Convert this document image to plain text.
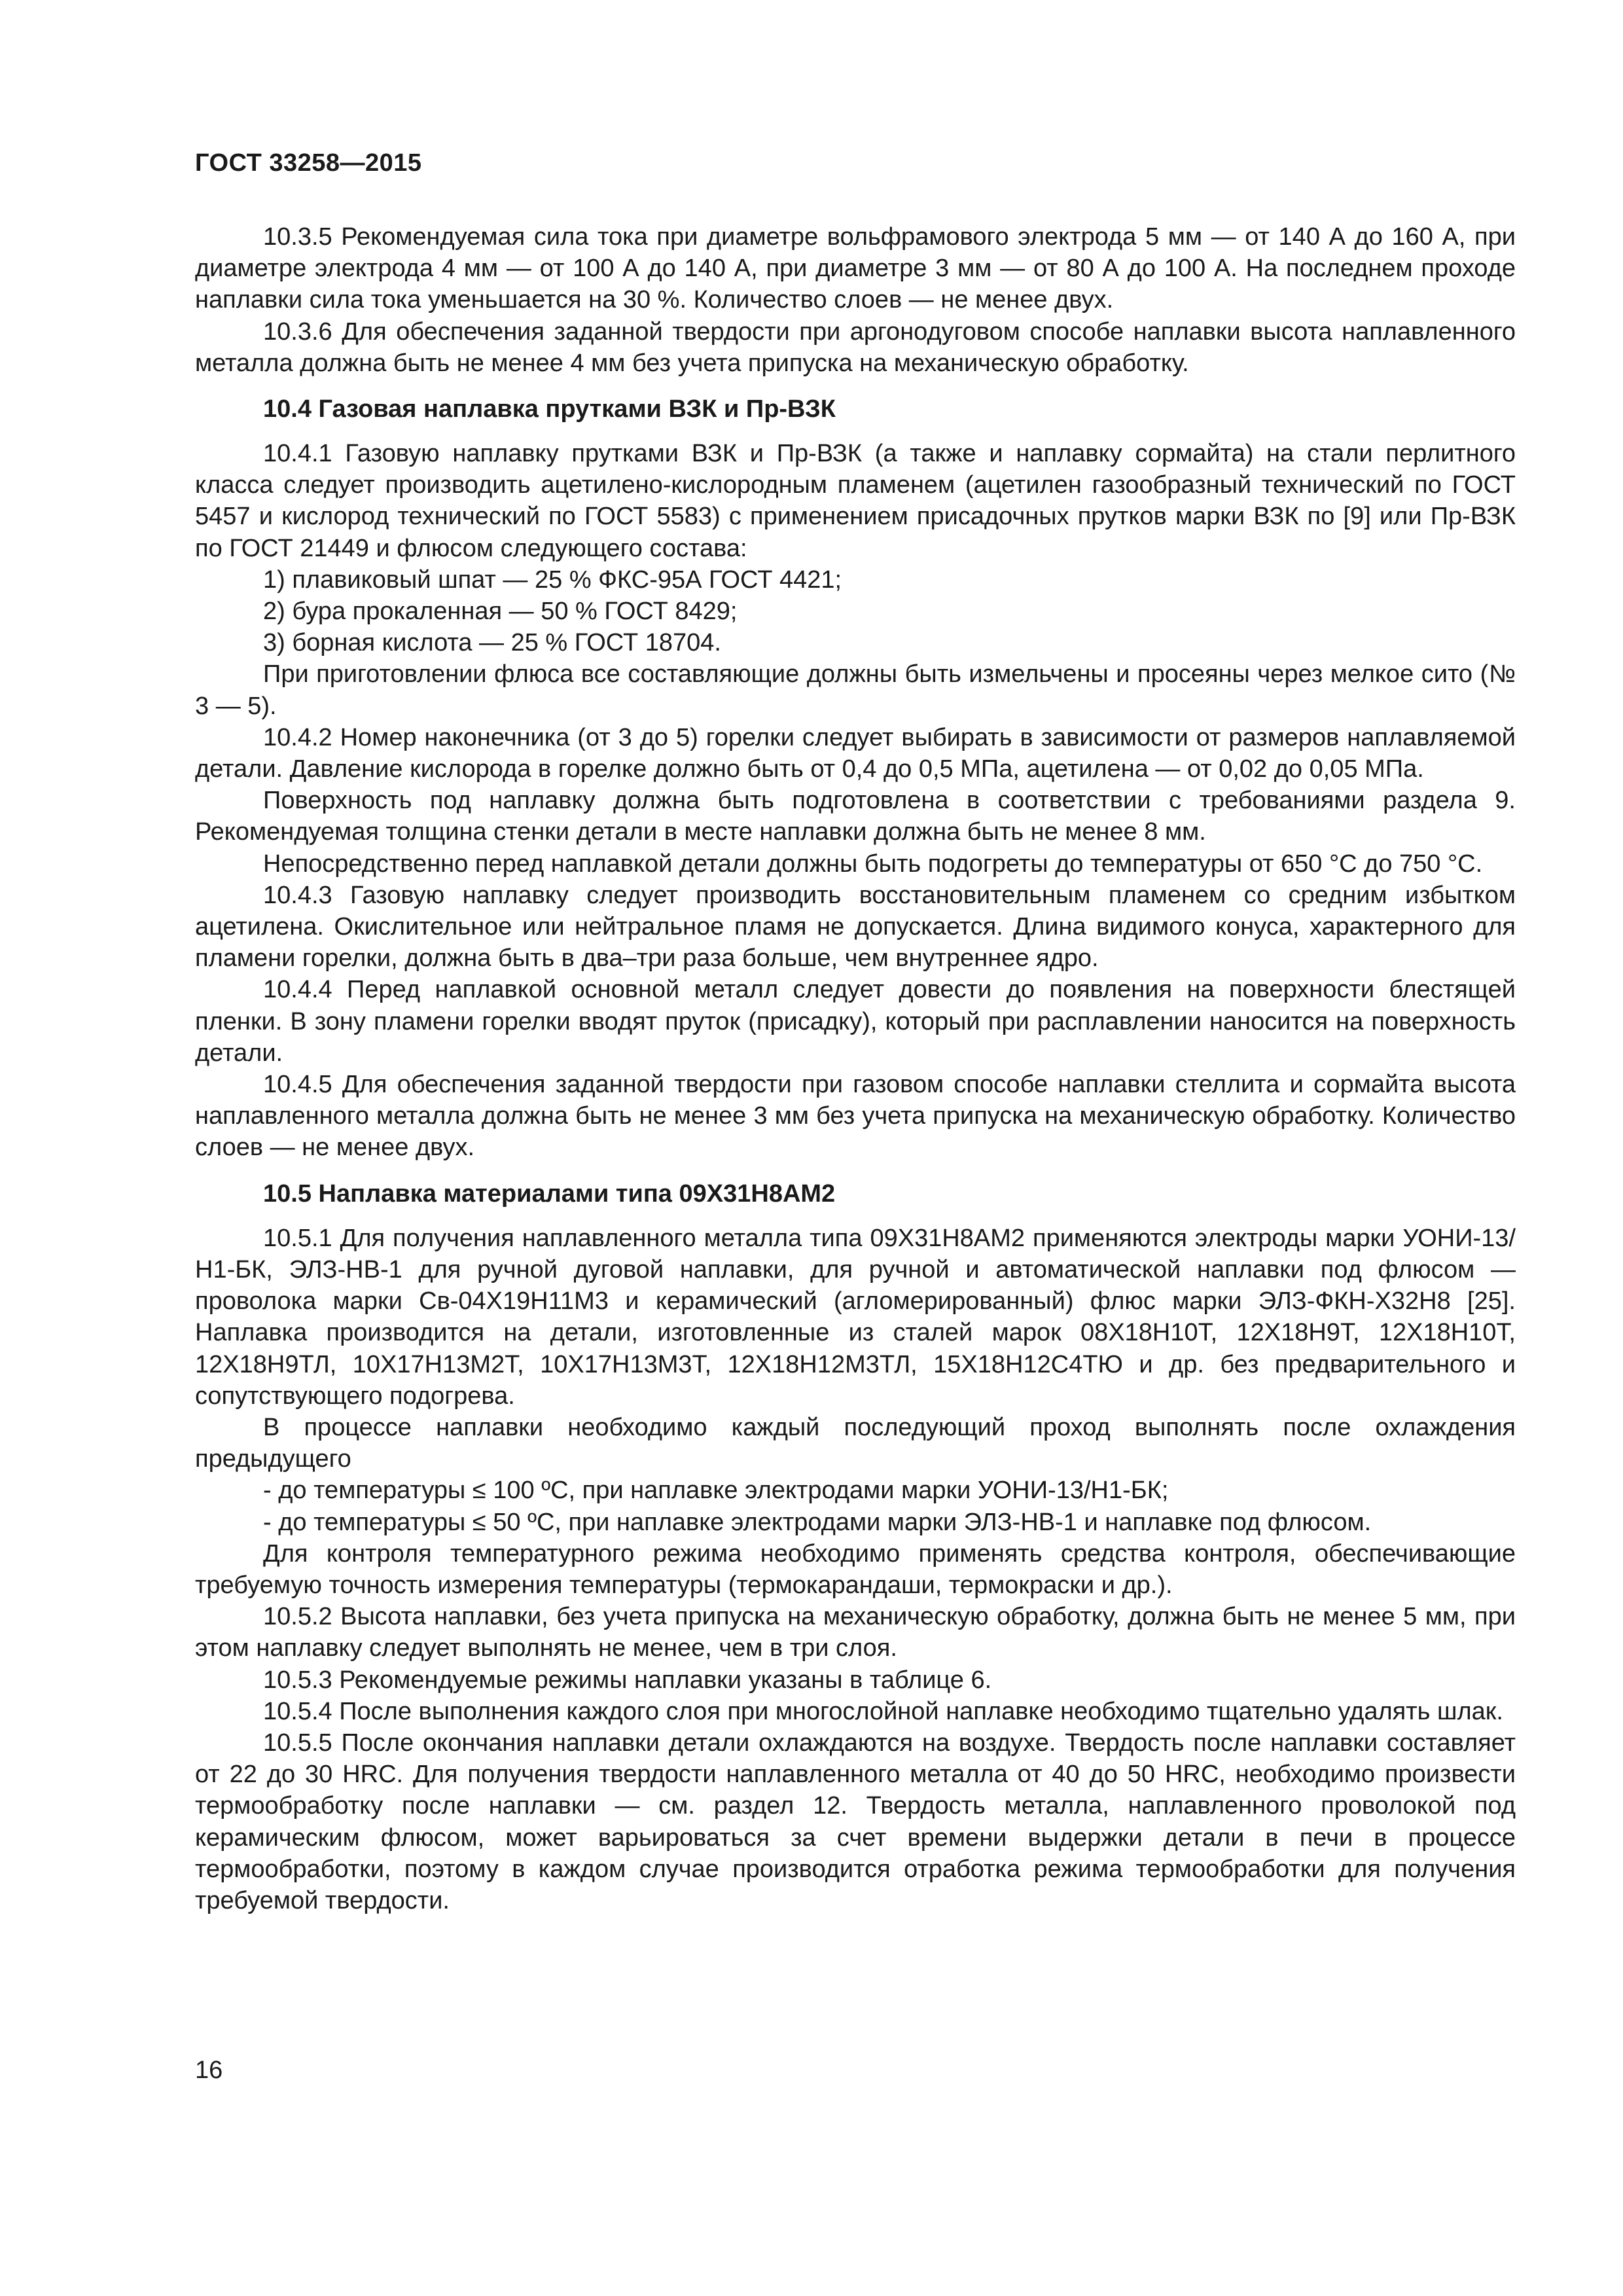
ГОСТ 33258—2015

10.3.5 Рекомендуемая сила тока при диаметре вольфрамового электрода 5 мм — от 140 А до 160 А, при диаметре электрода 4 мм — от 100 А до 140 А, при диаметре 3 мм — от 80 А до 100 А. На последнем проходе наплавки сила тока уменьшается на 30 %. Количество слоев — не менее двух.

10.3.6 Для обеспечения заданной твердости при аргонодуговом способе наплавки высота наплавленного металла должна быть не менее 4 мм без учета припуска на механическую обработку.

10.4 Газовая наплавка прутками ВЗК и Пр-ВЗК

10.4.1 Газовую наплавку прутками ВЗК и Пр-ВЗК (а также и наплавку сормайта) на стали перлитного класса следует производить ацетилено-кислородным пламенем (ацетилен газообразный технический по ГОСТ 5457 и кислород технический по ГОСТ 5583) с применением присадочных прутков марки ВЗК по [9] или Пр-ВЗК по ГОСТ 21449 и флюсом следующего состава:

1) плавиковый шпат — 25 % ФКС-95А ГОСТ 4421;

2) бура прокаленная — 50 % ГОСТ 8429;

3) борная кислота — 25 % ГОСТ 18704.

При приготовлении флюса все составляющие должны быть измельчены и просеяны через мелкое сито (№ 3 — 5).

10.4.2 Номер наконечника (от 3 до 5) горелки следует выбирать в зависимости от размеров наплавляемой детали. Давление кислорода в горелке должно быть от 0,4 до 0,5 МПа, ацетилена — от 0,02 до 0,05 МПа.

Поверхность под наплавку должна быть подготовлена в соответствии с требованиями раздела 9. Рекомендуемая толщина стенки детали в месте наплавки должна быть не менее 8 мм.

Непосредственно перед наплавкой детали должны быть подогреты до температуры от 650 °С до 750 °С.

10.4.3 Газовую наплавку следует производить восстановительным пламенем со средним избытком ацетилена. Окислительное или нейтральное пламя не допускается. Длина видимого конуса, характерного для пламени горелки, должна быть в два–три раза больше, чем внутреннее ядро.

10.4.4 Перед наплавкой основной металл следует довести до появления на поверхности блестящей пленки. В зону пламени горелки вводят пруток (присадку), который при расплавлении наносится на поверхность детали.

10.4.5 Для обеспечения заданной твердости при газовом способе наплавки стеллита и сормайта высота наплавленного металла должна быть не менее 3 мм без учета припуска на механическую обработку. Количество слоев — не менее двух.

10.5 Наплавка материалами типа 09Х31Н8АМ2

10.5.1 Для получения наплавленного металла типа 09Х31Н8АМ2 применяются электроды марки УОНИ-13/Н1-БК, ЭЛЗ-НВ-1 для ручной дуговой наплавки, для ручной и автоматической наплавки под флюсом — проволока марки Св-04Х19Н11М3 и керамический (агломерированный) флюс марки ЭЛЗ-ФКН-Х32Н8 [25]. Наплавка производится на детали, изготовленные из сталей марок 08Х18Н10Т, 12Х18Н9Т, 12Х18Н10Т, 12Х18Н9ТЛ, 10Х17Н13М2Т, 10Х17Н13М3Т, 12Х18Н12М3ТЛ, 15Х18Н12С4ТЮ и др. без предварительного и сопутствующего подогрева.

В процессе наплавки необходимо каждый последующий проход выполнять после охлаждения предыдущего

- до температуры ≤ 100 ºС, при наплавке электродами марки УОНИ-13/Н1-БК;

- до температуры ≤ 50 ºС, при наплавке электродами марки ЭЛЗ-НВ-1 и наплавке под флюсом.

Для контроля температурного режима необходимо применять средства контроля, обеспечивающие требуемую точность измерения температуры (термокарандаши, термокраски и др.).

10.5.2 Высота наплавки, без учета припуска на механическую обработку, должна быть не менее 5 мм, при этом наплавку следует выполнять не менее, чем в три слоя.

10.5.3 Рекомендуемые режимы наплавки указаны в таблице 6.

10.5.4 После выполнения каждого слоя при многослойной наплавке необходимо тщательно удалять шлак.

10.5.5 После окончания наплавки детали охлаждаются на воздухе. Твердость после наплавки составляет от 22 до 30 HRC. Для получения твердости наплавленного металла от 40 до 50 HRC, необходимо произвести термообработку после наплавки — см. раздел 12. Твердость металла, наплавленного проволокой под керамическим флюсом, может варьироваться за счет времени выдержки детали в печи в процессе термообработки, поэтому в каждом случае производится отработка режима термообработки для получения требуемой твердости.

16
